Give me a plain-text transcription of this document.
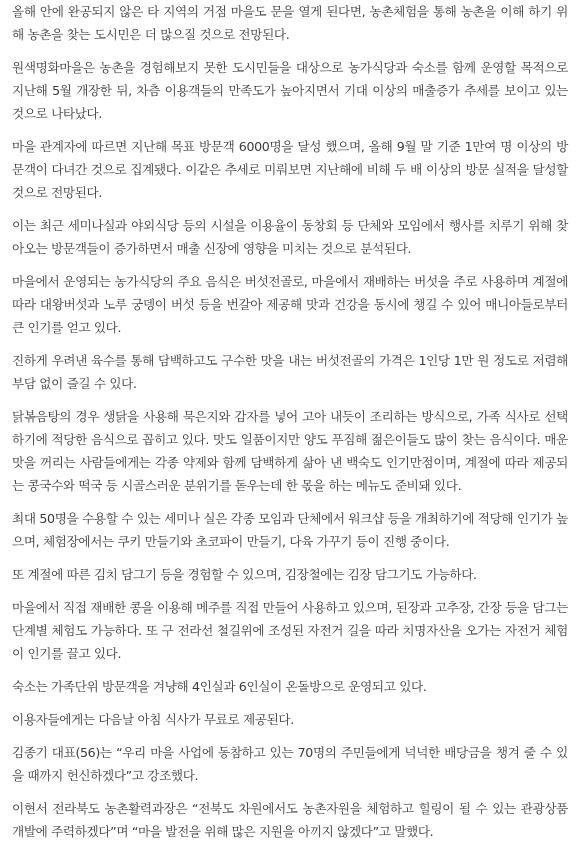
올해 안에 완공되지 않은 타 지역의 거점 마을도 문을 열게 된다면, 농촌체험을 통해 농촌을 이해 하기 위해 농촌을 찾는 도시민은 더 많으질 것으로 전망된다.

원색명화마을은 농촌을 경험해보지 못한 도시민들을 대상으로 농가식당과 숙소를 함께 운영할 목적으로 지난해 5월 개장한 뒤, 차츰 이용객들의 만족도가 높아지면서 기대 이상의 매출증가 추세를 보이고 있는 것으로 나타났다.

마을 관계자에 따르면 지난해 목표 방문객 6000명을 달성 했으며, 올해 9월 말 기준 1만여 명 이상의 방문객이 다녀간 것으로 집계됐다. 이같은 추세로 미뤄보면 지난해에 비해 두 배 이상의 방문 실적을 달성할 것으로 전망된다.

이는 최근 세미나실과 야외식당 등의 시설을 이용율이 동창회 등 단체와 모임에서 행사를 치루기 위해 찾아오는 방문객들이 증가하면서 매출 신장에 영향을 미치는 것으로 분석된다.

마을에서 운영되는 농가식당의 주요 음식은 버섯전골로, 마을에서 재배하는 버섯을 주로 사용하며 계절에 따라 대왕버섯과 노루 궁뎅이 버섯 등을 번갈아 제공해 맛과 건강을 동시에 챙길 수 있어 매니아들로부터 큰 인기를 얻고 있다.

진하게 우려낸 육수를 통해 담백하고도 구수한 맛을 내는 버섯전골의 가격은 1인당 1만 원 정도로 저렴해 부담 없이 즐길 수 있다.

닭볶음탕의 경우 생닭을 사용해 묵은지와 감자를 넣어 고아 내듯이 조리하는 방식으로, 가족 식사로 선택하기에 적당한 음식으로 꼽히고 있다. 맛도 일품이지만 양도 푸짐해 젊은이들도 많이 찾는 음식이다. 매운맛을 꺼리는 사람들에게는 각종 약제와 함께 담백하게 삶아 낸 백숙도 인기만점이며, 계절에 따라 제공되는 콩국수와 떡국 등 시골스러운 분위기를 돋우는데 한 몫을 하는 메뉴도 준비돼 있다.

최대 50명을 수용할 수 있는 세미나 실은 각종 모임과 단체에서 워크샵 등을 개최하기에 적당해 인기가 높으며, 체험장에서는 쿠키 만들기와 초코파이 만들기, 다육 가꾸기 등이 진행 중이다.

또 계절에 따른 김치 담그기 등을 경험할 수 있으며, 김장철에는 김장 담그기도 가능하다.

마을에서 직접 재배한 콩을 이용해 메주를 직접 만들어 사용하고 있으며, 된장과 고추장, 간장 등을 담그는 단계별 체험도 가능하다. 또 구 전라선 철길위에 조성된 자전거 길을 따라 치명자산을 오가는 자전거 체험이 인기를 끌고 있다.

숙소는 가족단위 방문객을 겨냥해 4인실과 6인실이 온돌방으로 운영되고 있다.

이용자들에게는 다음날 아침 식사가 무료로 제공된다.

김종기 대표(56)는 “우리 마을 사업에 동참하고 있는 70명의 주민들에게 넉넉한 배당금을 챙겨 줄 수 있을 때까지 헌신하겠다”고 강조했다.

이현서 전라북도 농촌활력과장은 “전북도 차원에서도 농촌자원을 체험하고 힐링이 될 수 있는 관광상품 개발에 주력하겠다”며 “마을 발전을 위해 많은 지원을 아끼지 않겠다”고 말했다.
